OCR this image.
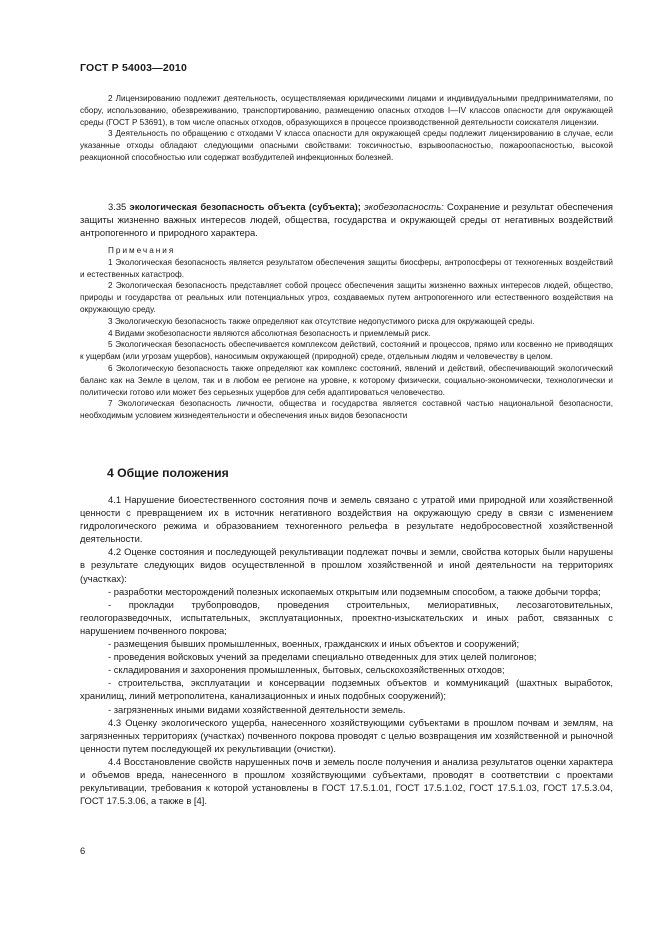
ГОСТ Р 54003—2010

2 Лицензированию подлежит деятельность, осуществляемая юридическими лицами и индивидуальными предпринимателями, по сбору, использованию, обезвреживанию, транспортированию, размещению опасных отходов I—IV классов опасности для окружающей среды (ГОСТ Р 53691), в том числе опасных отходов, образующихся в процессе производственной деятельности соискателя лицензии.

3 Деятельность по обращению с отходами V класса опасности для окружающей среды подлежит лицензированию в случае, если указанные отходы обладают следующими опасными свойствами: токсичностью, взрывоопасностью, пожароопасностью, высокой реакционной способностью или содержат возбудителей инфекционных болезней.

3.35 экологическая безопасность объекта (субъекта); экобезопасность: Сохранение и результат обеспечения защиты жизненно важных интересов людей, общества, государства и окружающей среды от негативных воздействий антропогенного и природного характера.

Примечания

1 Экологическая безопасность является результатом обеспечения защиты биосферы, антропосферы от техногенных воздействий и естественных катастроф.

2 Экологическая безопасность представляет собой процесс обеспечения защиты жизненно важных интересов людей, общество, природы и государства от реальных или потенциальных угроз, создаваемых путем антропогенного или естественного воздействия на окружающую среду.

3 Экологическую безопасность также определяют как отсутствие недопустимого риска для окружающей среды.

4 Видами экобезопасности являются абсолютная безопасность и приемлемый риск.

5 Экологическая безопасность обеспечивается комплексом действий, состояний и процессов, прямо или косвенно не приводящих к ущербам (или угрозам ущербов), наносимым окружающей (природной) среде, отдельным людям и человечеству в целом.

6 Экологическую безопасность также определяют как комплекс состояний, явлений и действий, обеспечивающий экологический баланс как на Земле в целом, так и в любом ее регионе на уровне, к которому физически, социально-экономически, технологически и политически готово или может без серьезных ущербов для себя адаптироваться человечество.

7 Экологическая безопасность личности, общества и государства является составной частью национальной безопасности, необходимым условием жизнедеятельности и обеспечения иных видов безопасности

4 Общие положения

4.1 Нарушение биоестественного состояния почв и земель связано с утратой ими природной или хозяйственной ценности с превращением их в источник негативного воздействия на окружающую среду в связи с изменением гидрологического режима и образованием техногенного рельефа в результате недобросовестной хозяйственной деятельности.

4.2 Оценке состояния и последующей рекультивации подлежат почвы и земли, свойства которых были нарушены в результате следующих видов осуществленной в прошлом хозяйственной и иной деятельности на территориях (участках):

- разработки месторождений полезных ископаемых открытым или подземным способом, а также добычи торфа;

- прокладки трубопроводов, проведения строительных, мелиоративных, лесозаготовительных, геологоразведочных, испытательных, эксплуатационных, проектно-изыскательских и иных работ, связанных с нарушением почвенного покрова;

- размещения бывших промышленных, военных, гражданских и иных объектов и сооружений;

- проведения войсковых учений за пределами специально отведенных для этих целей полигонов;

- складирования и захоронения промышленных, бытовых, сельскохозяйственных отходов;

- строительства, эксплуатации и консервации подземных объектов и коммуникаций (шахтных выработок, хранилищ, линий метрополитена, канализационных и иных подобных сооружений);

- загрязненных иными видами хозяйственной деятельности земель.

4.3 Оценку экологического ущерба, нанесенного хозяйствующими субъектами в прошлом почвам и землям, на загрязненных территориях (участках) почвенного покрова проводят с целью возвращения им хозяйственной и рыночной ценности путем последующей их рекультивации (очистки).

4.4 Восстановление свойств нарушенных почв и земель после получения и анализа результатов оценки характера и объемов вреда, нанесенного в прошлом хозяйствующими субъектами, проводят в соответствии с проектами рекультивации, требования к которой установлены в ГОСТ 17.5.1.01, ГОСТ 17.5.1.02, ГОСТ 17.5.1.03, ГОСТ 17.5.3.04, ГОСТ 17.5.3.06, а также в [4].

6
